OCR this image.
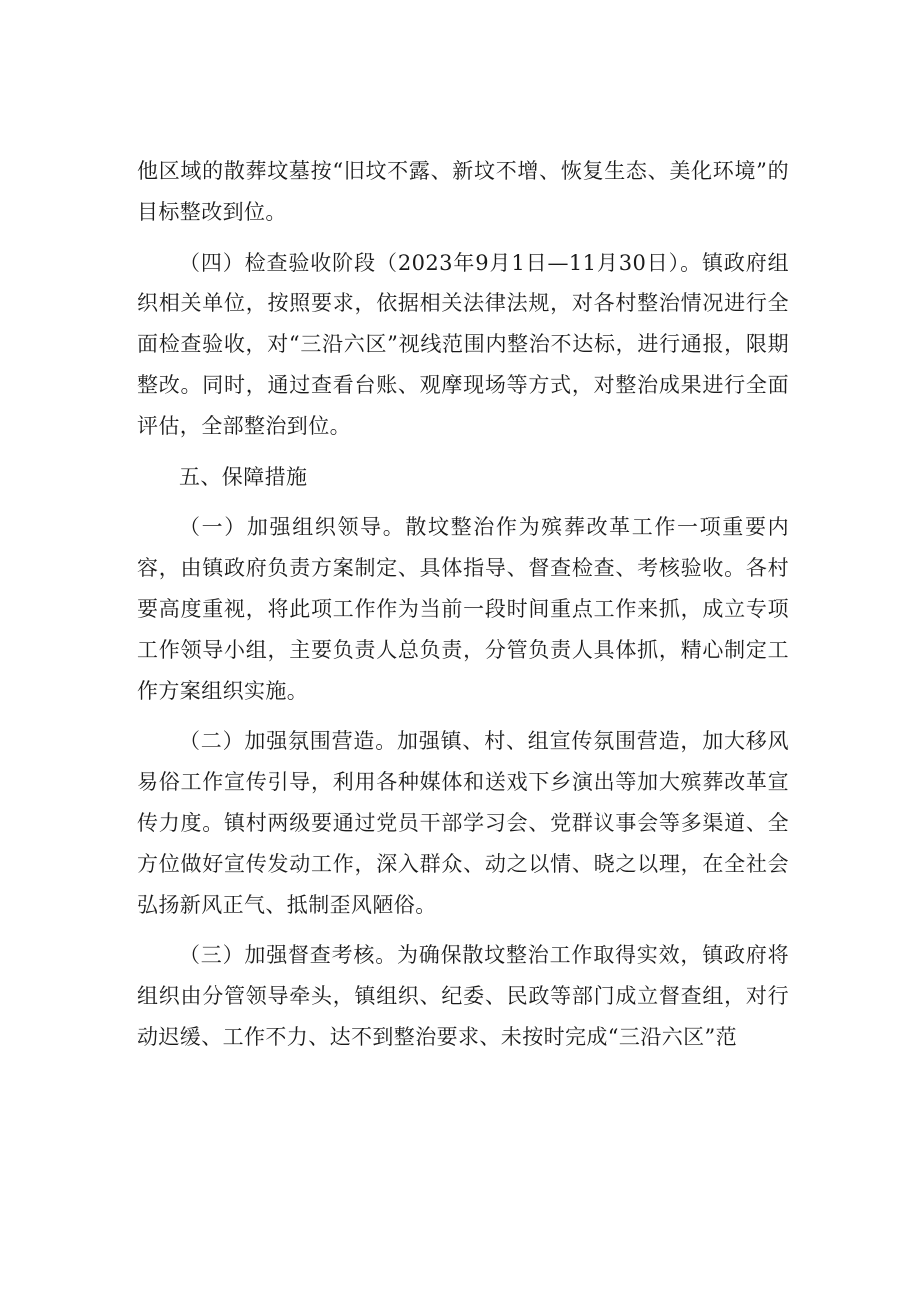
他区域的散葬坟墓按“旧坟不露、新坟不增、恢复生态、美化环境”的目标整改到位。

（四）检查验收阶段（2023年9月1日—11月30日）。镇政府组织相关单位，按照要求，依据相关法律法规，对各村整治情况进行全面检查验收，对“三沿六区”视线范围内整治不达标，进行通报，限期整改。同时，通过查看台账、观摩现场等方式，对整治成果进行全面评估，全部整治到位。

五、保障措施

（一）加强组织领导。散坟整治作为殡葬改革工作一项重要内容，由镇政府负责方案制定、具体指导、督查检查、考核验收。各村要高度重视，将此项工作作为当前一段时间重点工作来抓，成立专项工作领导小组，主要负责人总负责，分管负责人具体抓，精心制定工作方案组织实施。

（二）加强氛围营造。加强镇、村、组宣传氛围营造，加大移风易俗工作宣传引导，利用各种媒体和送戏下乡演出等加大殡葬改革宣传力度。镇村两级要通过党员干部学习会、党群议事会等多渠道、全方位做好宣传发动工作，深入群众、动之以情、晓之以理，在全社会弘扬新风正气、抵制歪风陋俗。

（三）加强督查考核。为确保散坟整治工作取得实效，镇政府将组织由分管领导牵头，镇组织、纪委、民政等部门成立督查组，对行动迟缓、工作不力、达不到整治要求、未按时完成“三沿六区”范
